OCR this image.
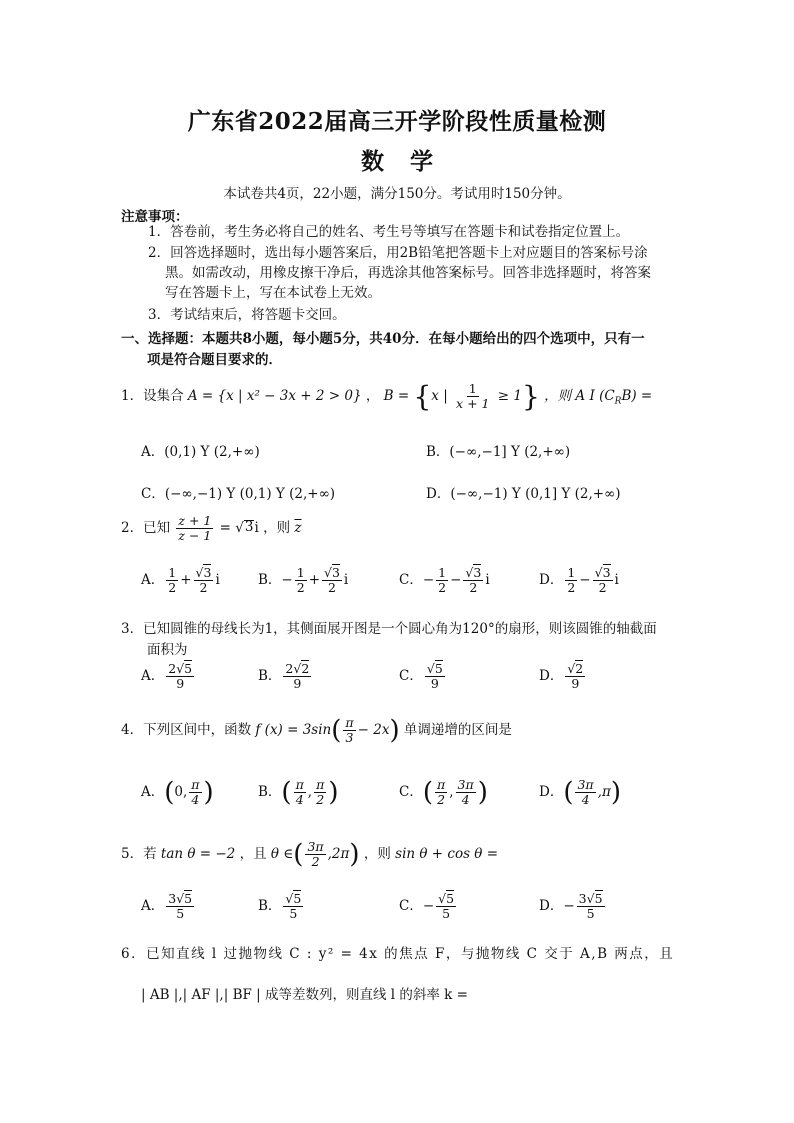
广东省2022届高三开学阶段性质量检测
数学
本试卷共4页，22小题，满分150分。考试用时150分钟。
注意事项：
1．答卷前，考生务必将自己的姓名、考生号等填写在答题卡和试卷指定位置上。
2．回答选择题时，选出每小题答案后，用2B铅笔把答题卡上对应题目的答案标号涂
黑。如需改动，用橡皮擦干净后，再选涂其他答案标号。回答非选择题时，将答案
写在答题卡上，写在本试卷上无效。
3．考试结束后，将答题卡交回。
一、选择题：本题共8小题，每小题5分，共40分．在每小题给出的四个选项中，只有一
项是符合题目要求的．
1．设集合 A = {x | x² − 3x + 2 > 0} ， B = {x | $\frac{1}{x + 1} \ge 1$} ，则 A I $(C_RB)$ =
A．(0,1) Y (2,+∞)	B．(−∞,−1] Y (2,+∞)
C．(−∞,−1) Y (0,1) Y (2,+∞)	D．(−∞,−1) Y (0,1] Y (2,+∞)
2．已知 $\frac{z + 1}{z - 1}$ = √ 3 i ，则 $\overline{z}$
A． $\frac{1}{2} + \frac{√3}{2}$ i	B．− $\frac{1}{2} + \frac{√3}{2}$ i	C．− $\frac{1}{2} - \frac{√3}{2}$ i	D． $\frac{1}{2} - \frac{√3}{2}$ i
3．已知圆锥的母线长为1，其侧面展开图是一个圆心角为120°的扇形，则该圆锥的轴截面
面积为
A． $\frac{2√5}{9}$	B． $\frac{2√2}{9}$	C． $\frac{√5}{9}$	D． $\frac{√2}{9}$
4．下列区间中，函数 f $(x) = 3\sin( \frac{\pi}{3} - 2x)$ 单调递增的区间是
A．(0, $\frac{\pi}{4}$ )	B．( $\frac{\pi}{4}$ , $\frac{\pi}{2}$ )	C．( $\frac{\pi}{2}$ , $\frac{3\pi}{4}$ )	D．( $\frac{3\pi}{4} ,\pi$)
5．若 tan θ = −2 ，且 θ ∈( $\frac{3\pi}{2} ,2\pi$) ，则 sin θ + cos θ =
A． $\frac{3√5}{5}$	B． $\frac{√5}{5}$	C．− $\frac{√5}{5}$	D．− $\frac{3√5}{5}$
6．已知直线 l 过抛物线 C : y² = 4x 的焦点 F，与抛物线 C 交于 A,B 两点，且
| AB |,| AF |,| BF | 成等差数列，则直线 l 的斜率 k =
